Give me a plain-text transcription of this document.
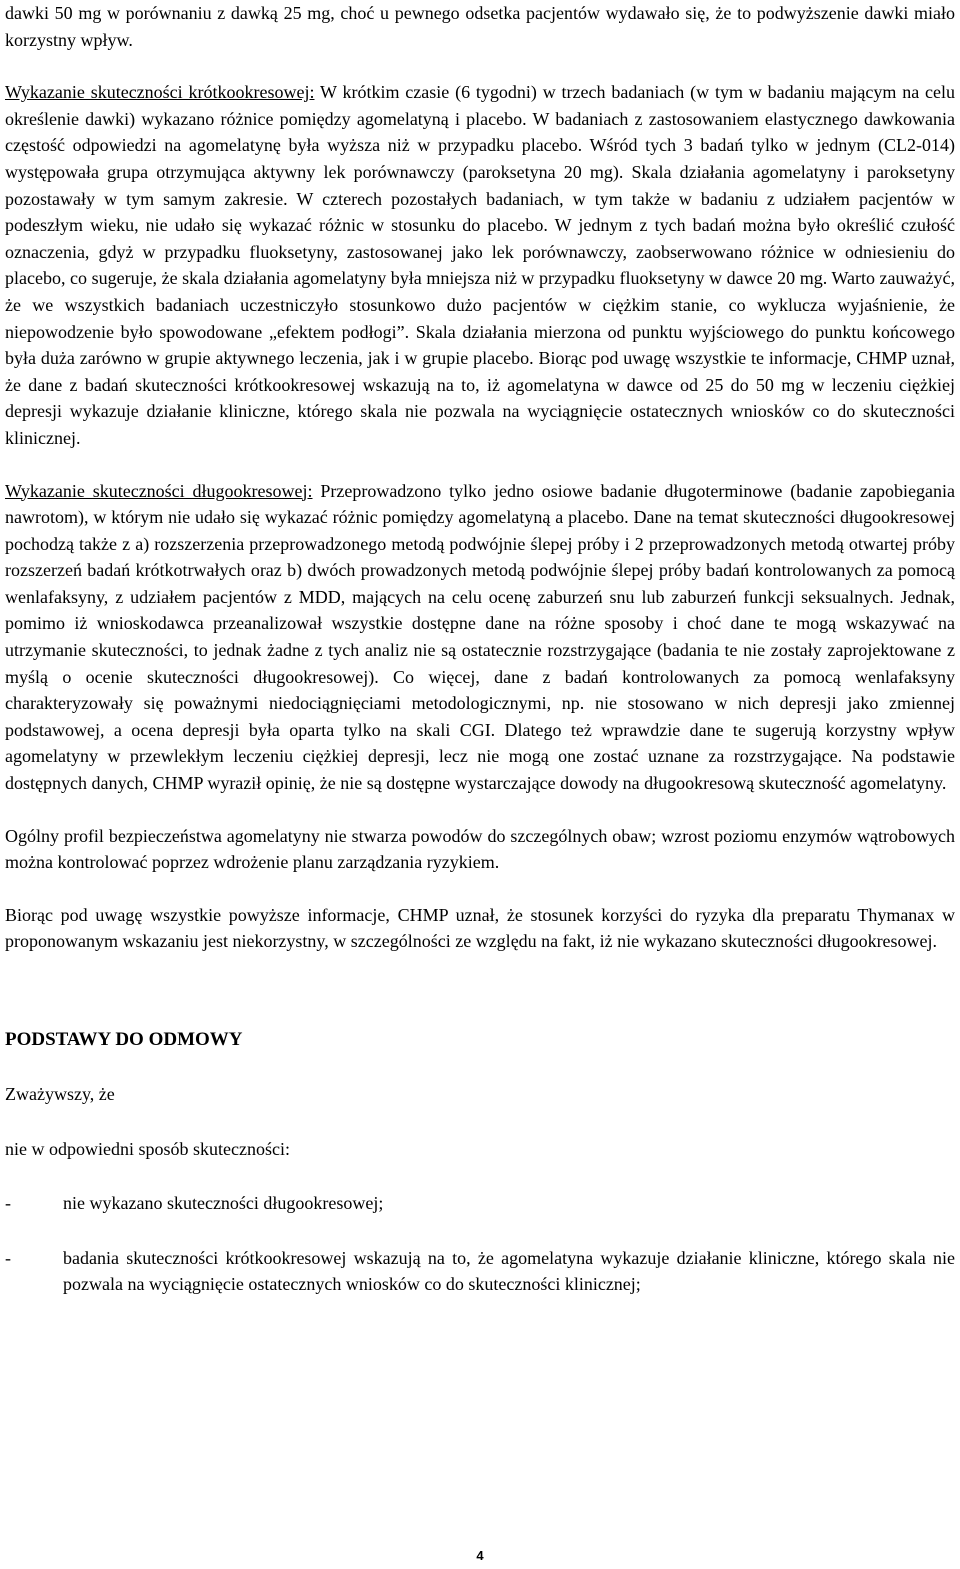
dawki 50 mg w porównaniu z dawką 25 mg, choć u pewnego odsetka pacjentów wydawało się, że to podwyższenie dawki miało korzystny wpływ.

Wykazanie skuteczności krótkookresowej: W krótkim czasie (6 tygodni) w trzech badaniach (w tym w badaniu mającym na celu określenie dawki) wykazano różnice pomiędzy agomelatyną i placebo. W badaniach z zastosowaniem elastycznego dawkowania częstość odpowiedzi na agomelatynę była wyższa niż w przypadku placebo. Wśród tych 3 badań tylko w jednym (CL2-014) występowała grupa otrzymująca aktywny lek porównawczy (paroksetyna 20 mg). Skala działania agomelatyny i paroksetyny pozostawały w tym samym zakresie. W czterech pozostałych badaniach, w tym także w badaniu z udziałem pacjentów w podeszłym wieku, nie udało się wykazać różnic w stosunku do placebo. W jednym z tych badań można było określić czułość oznaczenia, gdyż w przypadku fluoksetyny, zastosowanej jako lek porównawczy, zaobserwowano różnice w odniesieniu do placebo, co sugeruje, że skala działania agomelatyny była mniejsza niż w przypadku fluoksetyny w dawce 20 mg. Warto zauważyć, że we wszystkich badaniach uczestniczyło stosunkowo dużo pacjentów w ciężkim stanie, co wyklucza wyjaśnienie, że niepowodzenie było spowodowane „efektem podłogi”. Skala działania mierzona od punktu wyjściowego do punktu końcowego była duża zarówno w grupie aktywnego leczenia, jak i w grupie placebo. Biorąc pod uwagę wszystkie te informacje, CHMP uznał, że dane z badań skuteczności krótkookresowej wskazują na to, iż agomelatyna w dawce od 25 do 50 mg w leczeniu ciężkiej depresji wykazuje działanie kliniczne, którego skala nie pozwala na wyciągnięcie ostatecznych wniosków co do skuteczności klinicznej.

Wykazanie skuteczności długookresowej: Przeprowadzono tylko jedno osiowe badanie długoterminowe (badanie zapobiegania nawrotom), w którym nie udało się wykazać różnic pomiędzy agomelatyną a placebo. Dane na temat skuteczności długookresowej pochodzą także z a) rozszerzenia przeprowadzonego metodą podwójnie ślepej próby i 2 przeprowadzonych metodą otwartej próby rozszerzeń badań krótkotrwałych oraz b) dwóch prowadzonych metodą podwójnie ślepej próby badań kontrolowanych za pomocą wenlafaksyny, z udziałem pacjentów z MDD, mających na celu ocenę zaburzeń snu lub zaburzeń funkcji seksualnych. Jednak, pomimo iż wnioskodawca przeanalizował wszystkie dostępne dane na różne sposoby i choć dane te mogą wskazywać na utrzymanie skuteczności, to jednak żadne z tych analiz nie są ostatecznie rozstrzygające (badania te nie zostały zaprojektowane z myślą o ocenie skuteczności długookresowej). Co więcej, dane z badań kontrolowanych za pomocą wenlafaksyny charakteryzowały się poważnymi niedociągnięciami metodologicznymi, np. nie stosowano w nich depresji jako zmiennej podstawowej, a ocena depresji była oparta tylko na skali CGI. Dlatego też wprawdzie dane te sugerują korzystny wpływ agomelatyny w przewlekłym leczeniu ciężkiej depresji, lecz nie mogą one zostać uznane za rozstrzygające. Na podstawie dostępnych danych, CHMP wyraził opinię, że nie są dostępne wystarczające dowody na długookresową skuteczność agomelatyny.

Ogólny profil bezpieczeństwa agomelatyny nie stwarza powodów do szczególnych obaw; wzrost poziomu enzymów wątrobowych można kontrolować poprzez wdrożenie planu zarządzania ryzykiem.

Biorąc pod uwagę wszystkie powyższe informacje, CHMP uznał, że stosunek korzyści do ryzyka dla preparatu Thymanax w proponowanym wskazaniu jest niekorzystny, w szczególności ze względu na fakt, iż nie wykazano skuteczności długookresowej.

PODSTAWY DO ODMOWY

Zważywszy, że

nie w odpowiedni sposób skuteczności:

-	nie wykazano skuteczności długookresowej;
-	badania skuteczności krótkookresowej wskazują na to, że agomelatyna wykazuje działanie kliniczne, którego skala nie pozwala na wyciągnięcie ostatecznych wniosków co do skuteczności klinicznej;
4
